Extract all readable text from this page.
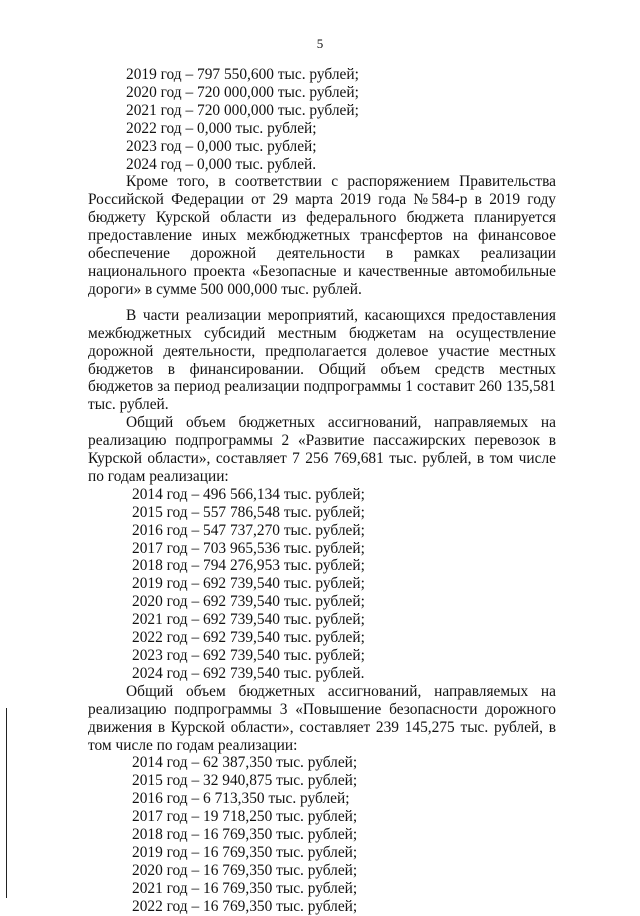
5
2019 год – 797 550,600 тыс. рублей;
2020 год – 720 000,000 тыс. рублей;
2021 год – 720 000,000 тыс. рублей;
2022 год – 0,000 тыс. рублей;
2023 год – 0,000 тыс. рублей;
2024 год – 0,000 тыс. рублей.
Кроме того, в соответствии с распоряжением Правительства Российской Федерации от 29 марта 2019 года №584-р в 2019 году бюджету Курской области из федерального бюджета планируется предоставление иных межбюджетных трансфертов на финансовое обеспечение дорожной деятельности в рамках реализации национального проекта «Безопасные и качественные автомобильные дороги» в сумме 500 000,000 тыс. рублей.
В части реализации мероприятий, касающихся предоставления межбюджетных субсидий местным бюджетам на осуществление дорожной деятельности, предполагается долевое участие местных бюджетов в финансировании. Общий объем средств местных бюджетов за период реализации подпрограммы 1 составит 260 135,581 тыс. рублей.
Общий объем бюджетных ассигнований, направляемых на реализацию подпрограммы 2 «Развитие пассажирских перевозок в Курской области», составляет 7 256 769,681 тыс. рублей, в том числе по годам реализации:
2014 год – 496 566,134 тыс. рублей;
2015 год – 557 786,548 тыс. рублей;
2016 год – 547 737,270 тыс. рублей;
2017 год – 703 965,536 тыс. рублей;
2018 год – 794 276,953 тыс. рублей;
2019 год – 692 739,540 тыс. рублей;
2020 год – 692 739,540 тыс. рублей;
2021 год – 692 739,540 тыс. рублей;
2022 год – 692 739,540 тыс. рублей;
2023 год – 692 739,540 тыс. рублей;
2024 год – 692 739,540 тыс. рублей.
Общий объем бюджетных ассигнований, направляемых на реализацию подпрограммы 3 «Повышение безопасности дорожного движения в Курской области», составляет 239 145,275 тыс. рублей, в том числе по годам реализации:
2014 год – 62 387,350 тыс. рублей;
2015 год – 32 940,875 тыс. рублей;
2016 год – 6 713,350 тыс. рублей;
2017 год – 19 718,250 тыс. рублей;
2018 год – 16 769,350 тыс. рублей;
2019 год – 16 769,350 тыс. рублей;
2020 год – 16 769,350 тыс. рублей;
2021 год – 16 769,350 тыс. рублей;
2022 год – 16 769,350 тыс. рублей;
